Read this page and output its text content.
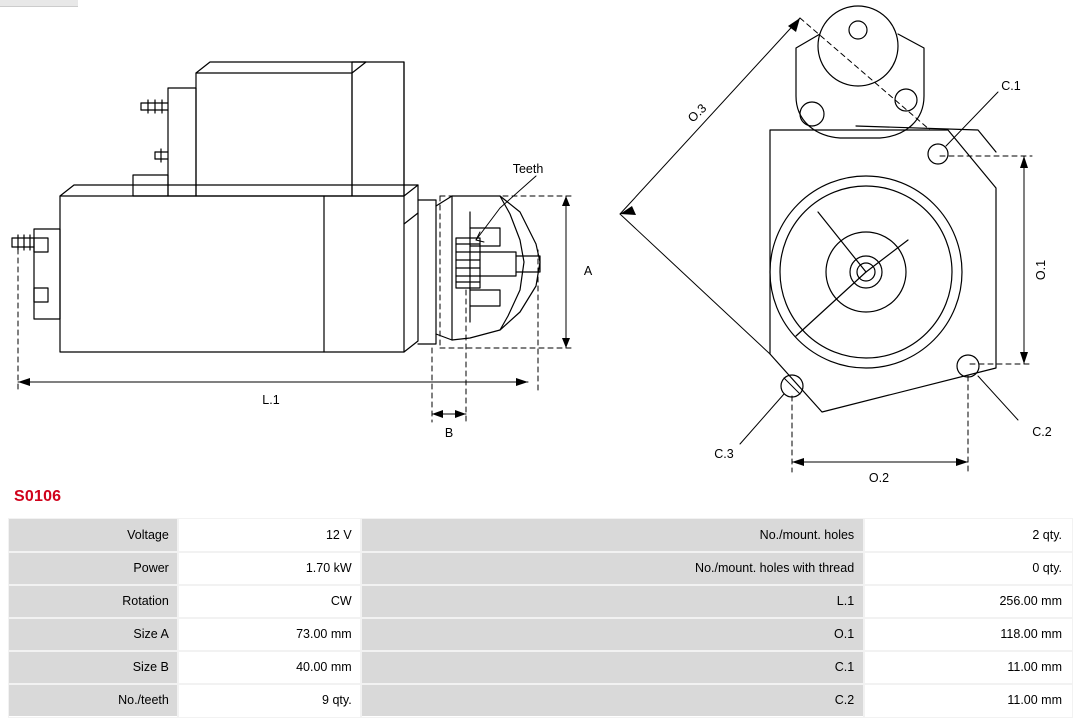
Teeth
A
L.1
B
O.3
C.1
O.1
C.3
C.2
O.2
S0106
Voltage	12 V	No./mount. holes	2 qty.
Power	1.70 kW	No./mount. holes with thread	0 qty.
Rotation	CW	L.1	256.00 mm
Size A	73.00 mm	O.1	118.00 mm
Size B	40.00 mm	C.1	11.00 mm
No./teeth	9 qty.	C.2	11.00 mm
